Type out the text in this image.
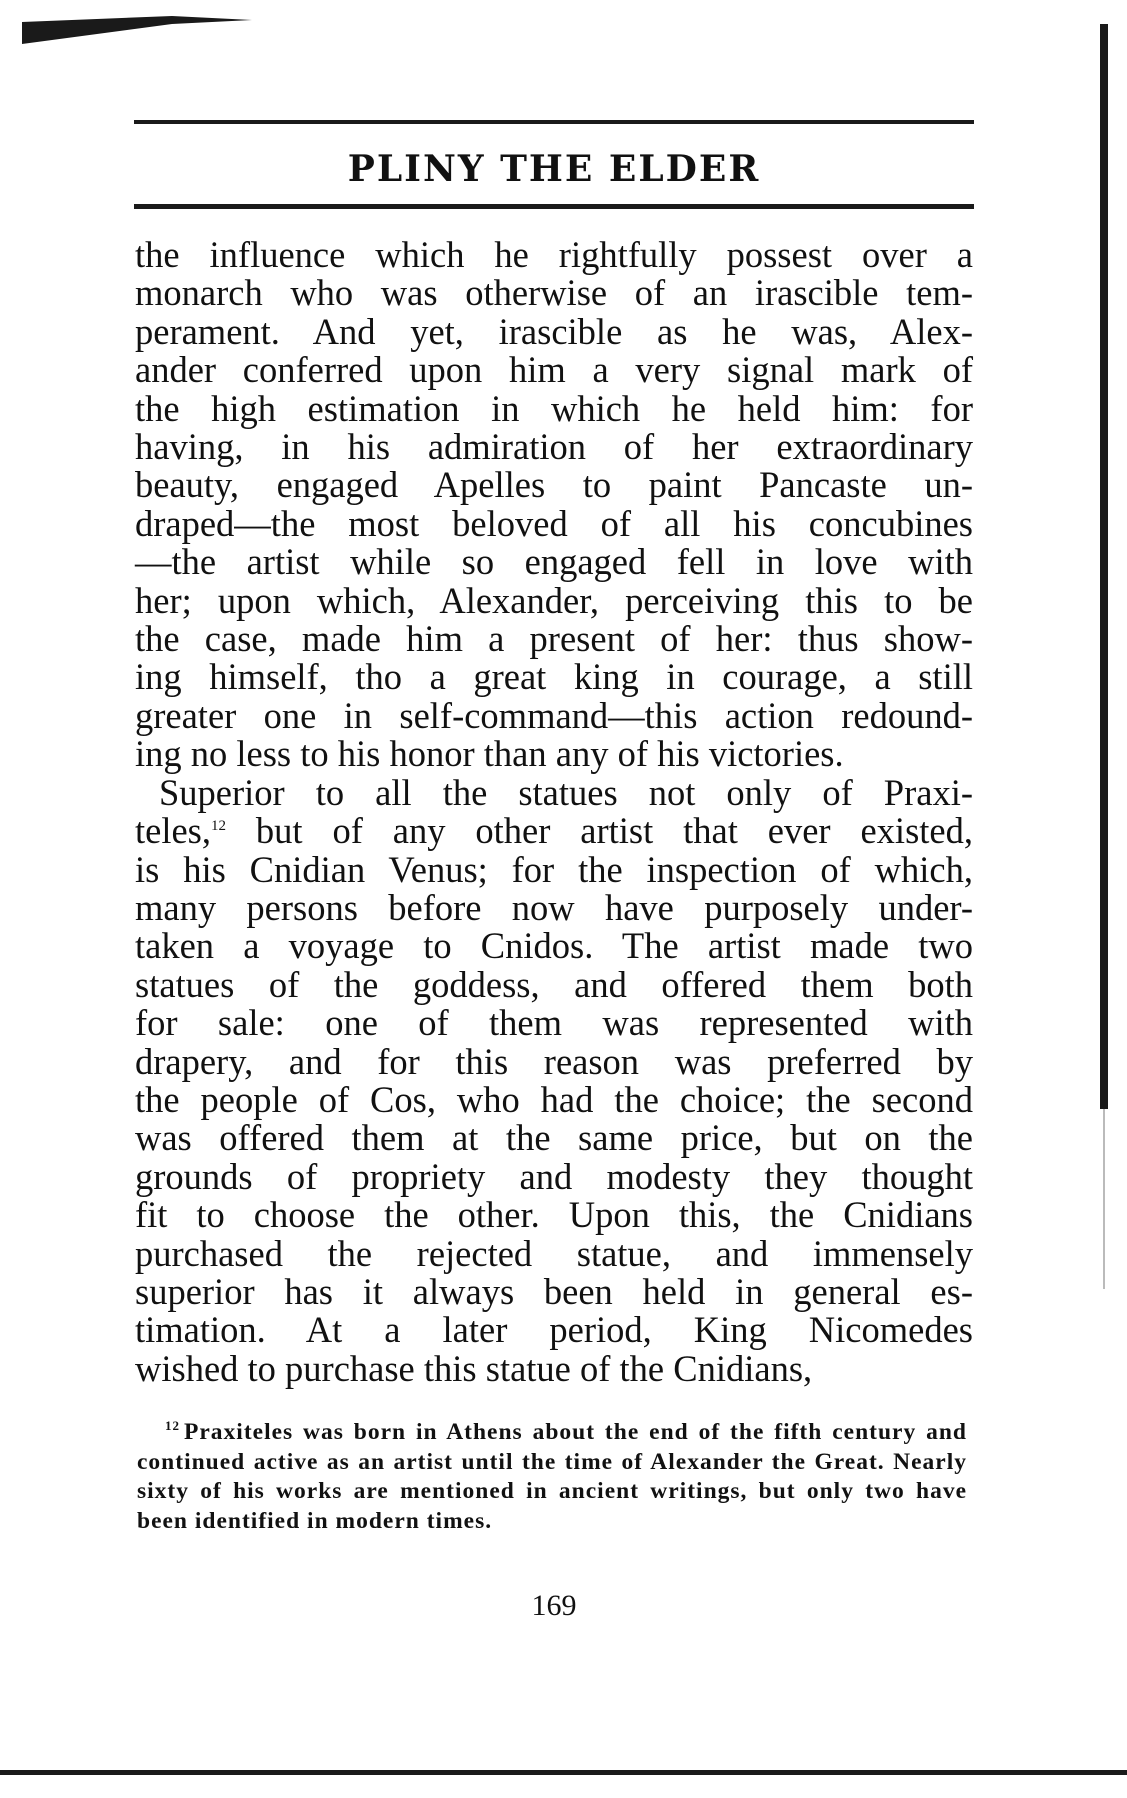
PLINY THE ELDER

the influence which he rightfully possest over a

monarch who was otherwise of an irascible tem-

perament. And yet, irascible as he was, Alex-

ander conferred upon him a very signal mark of

the high estimation in which he held him: for

having, in his admiration of her extraordinary

beauty, engaged Apelles to paint Pancaste un-

draped—the most beloved of all his concubines

—the artist while so engaged fell in love with

her; upon which, Alexander, perceiving this to be

the case, made him a present of her: thus show-

ing himself, tho a great king in courage, a still

greater one in self-command—this action redound-

ing no less to his honor than any of his victories.

Superior to all the statues not only of Praxi-

teles,$^{12}$ but of any other artist that ever existed,

is his Cnidian Venus; for the inspection of which,

many persons before now have purposely under-

taken a voyage to Cnidos. The artist made two

statues of the goddess, and offered them both

for sale: one of them was represented with

drapery, and for this reason was preferred by

the people of Cos, who had the choice; the second

was offered them at the same price, but on the

grounds of propriety and modesty they thought

fit to choose the other. Upon this, the Cnidians

purchased the rejected statue, and immensely

superior has it always been held in general es-

timation. At a later period, King Nicomedes

wished to purchase this statue of the Cnidians,

$^{12}$ Praxiteles was born in Athens about the end of the fifth century and continued active as an artist until the time of Alexander the Great. Nearly sixty of his works are mentioned in ancient writings, but only two have been identified in modern times.

169
